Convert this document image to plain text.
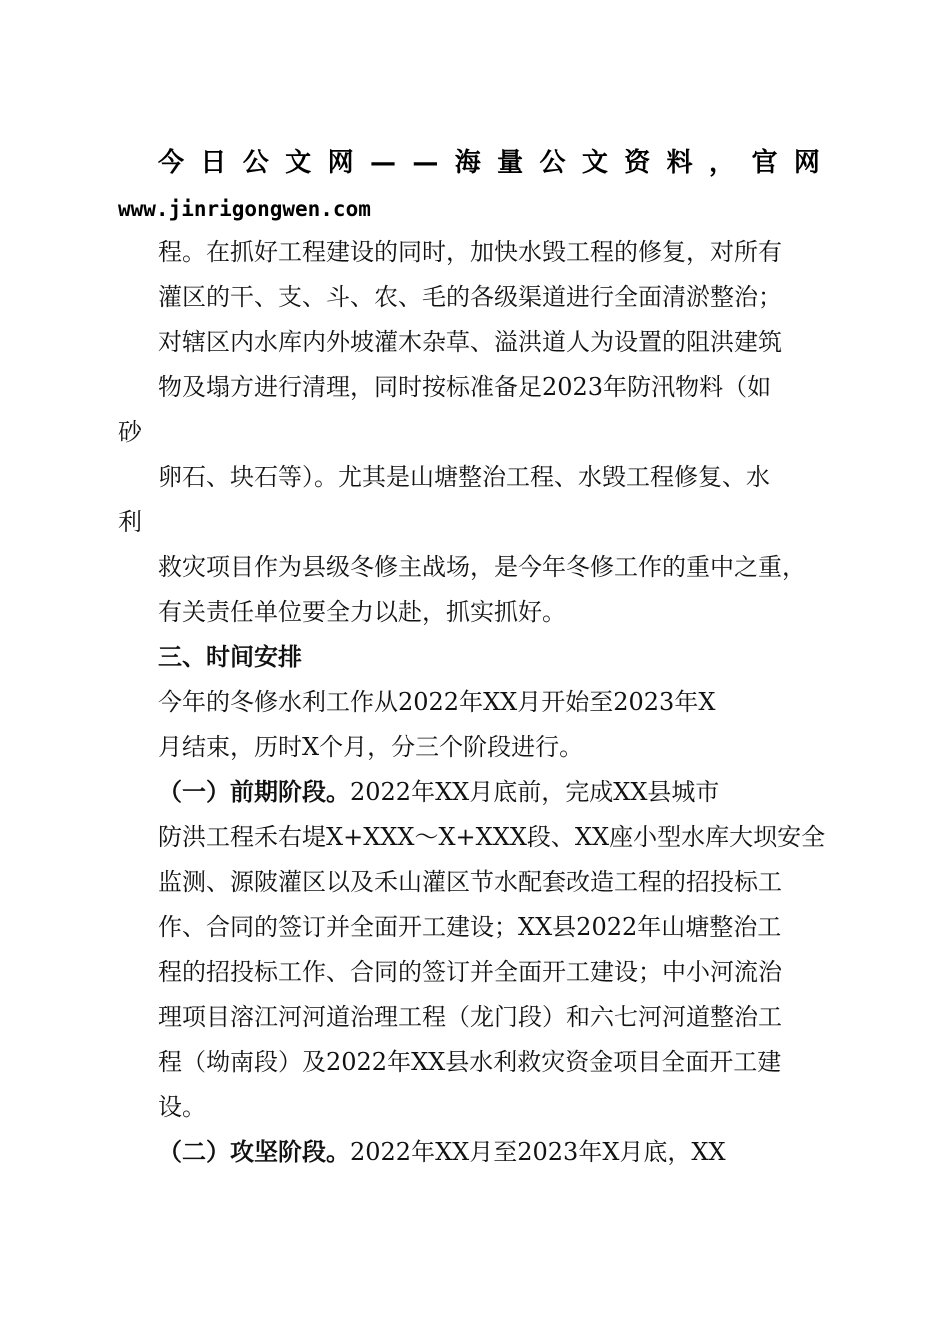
今 日 公 文 网 — — 海 量 公 文 资 料 ， 官 网
www.jinrigongwen.com
程。在抓好工程建设的同时，加快水毁工程的修复，对所有
灌区的干、支、斗、农、毛的各级渠道进行全面清淤整治；
对辖区内水库内外坡灌木杂草、溢洪道人为设置的阻洪建筑
物及塌方进行清理，同时按标准备足2023年防汛物料（如
砂
卵石、块石等）。尤其是山塘整治工程、水毁工程修复、水
利
救灾项目作为县级冬修主战场，是今年冬修工作的重中之重，
有关责任单位要全力以赴，抓实抓好。
三、时间安排
今年的冬修水利工作从2022年XX月开始至2023年X
月结束，历时X个月，分三个阶段进行。
（一）前期阶段。2022年XX月底前，完成XX县城市
防洪工程禾右堤X+XXX～X+XXX段、XX座小型水库大坝安全
监测、源陂灌区以及禾山灌区节水配套改造工程的招投标工
作、合同的签订并全面开工建设；XX县2022年山塘整治工
程的招投标工作、合同的签订并全面开工建设；中小河流治
理项目溶江河河道治理工程（龙门段）和六七河河道整治工
程（坳南段）及2022年XX县水利救灾资金项目全面开工建
设。
（二）攻坚阶段。2022年XX月至2023年X月底，XX
